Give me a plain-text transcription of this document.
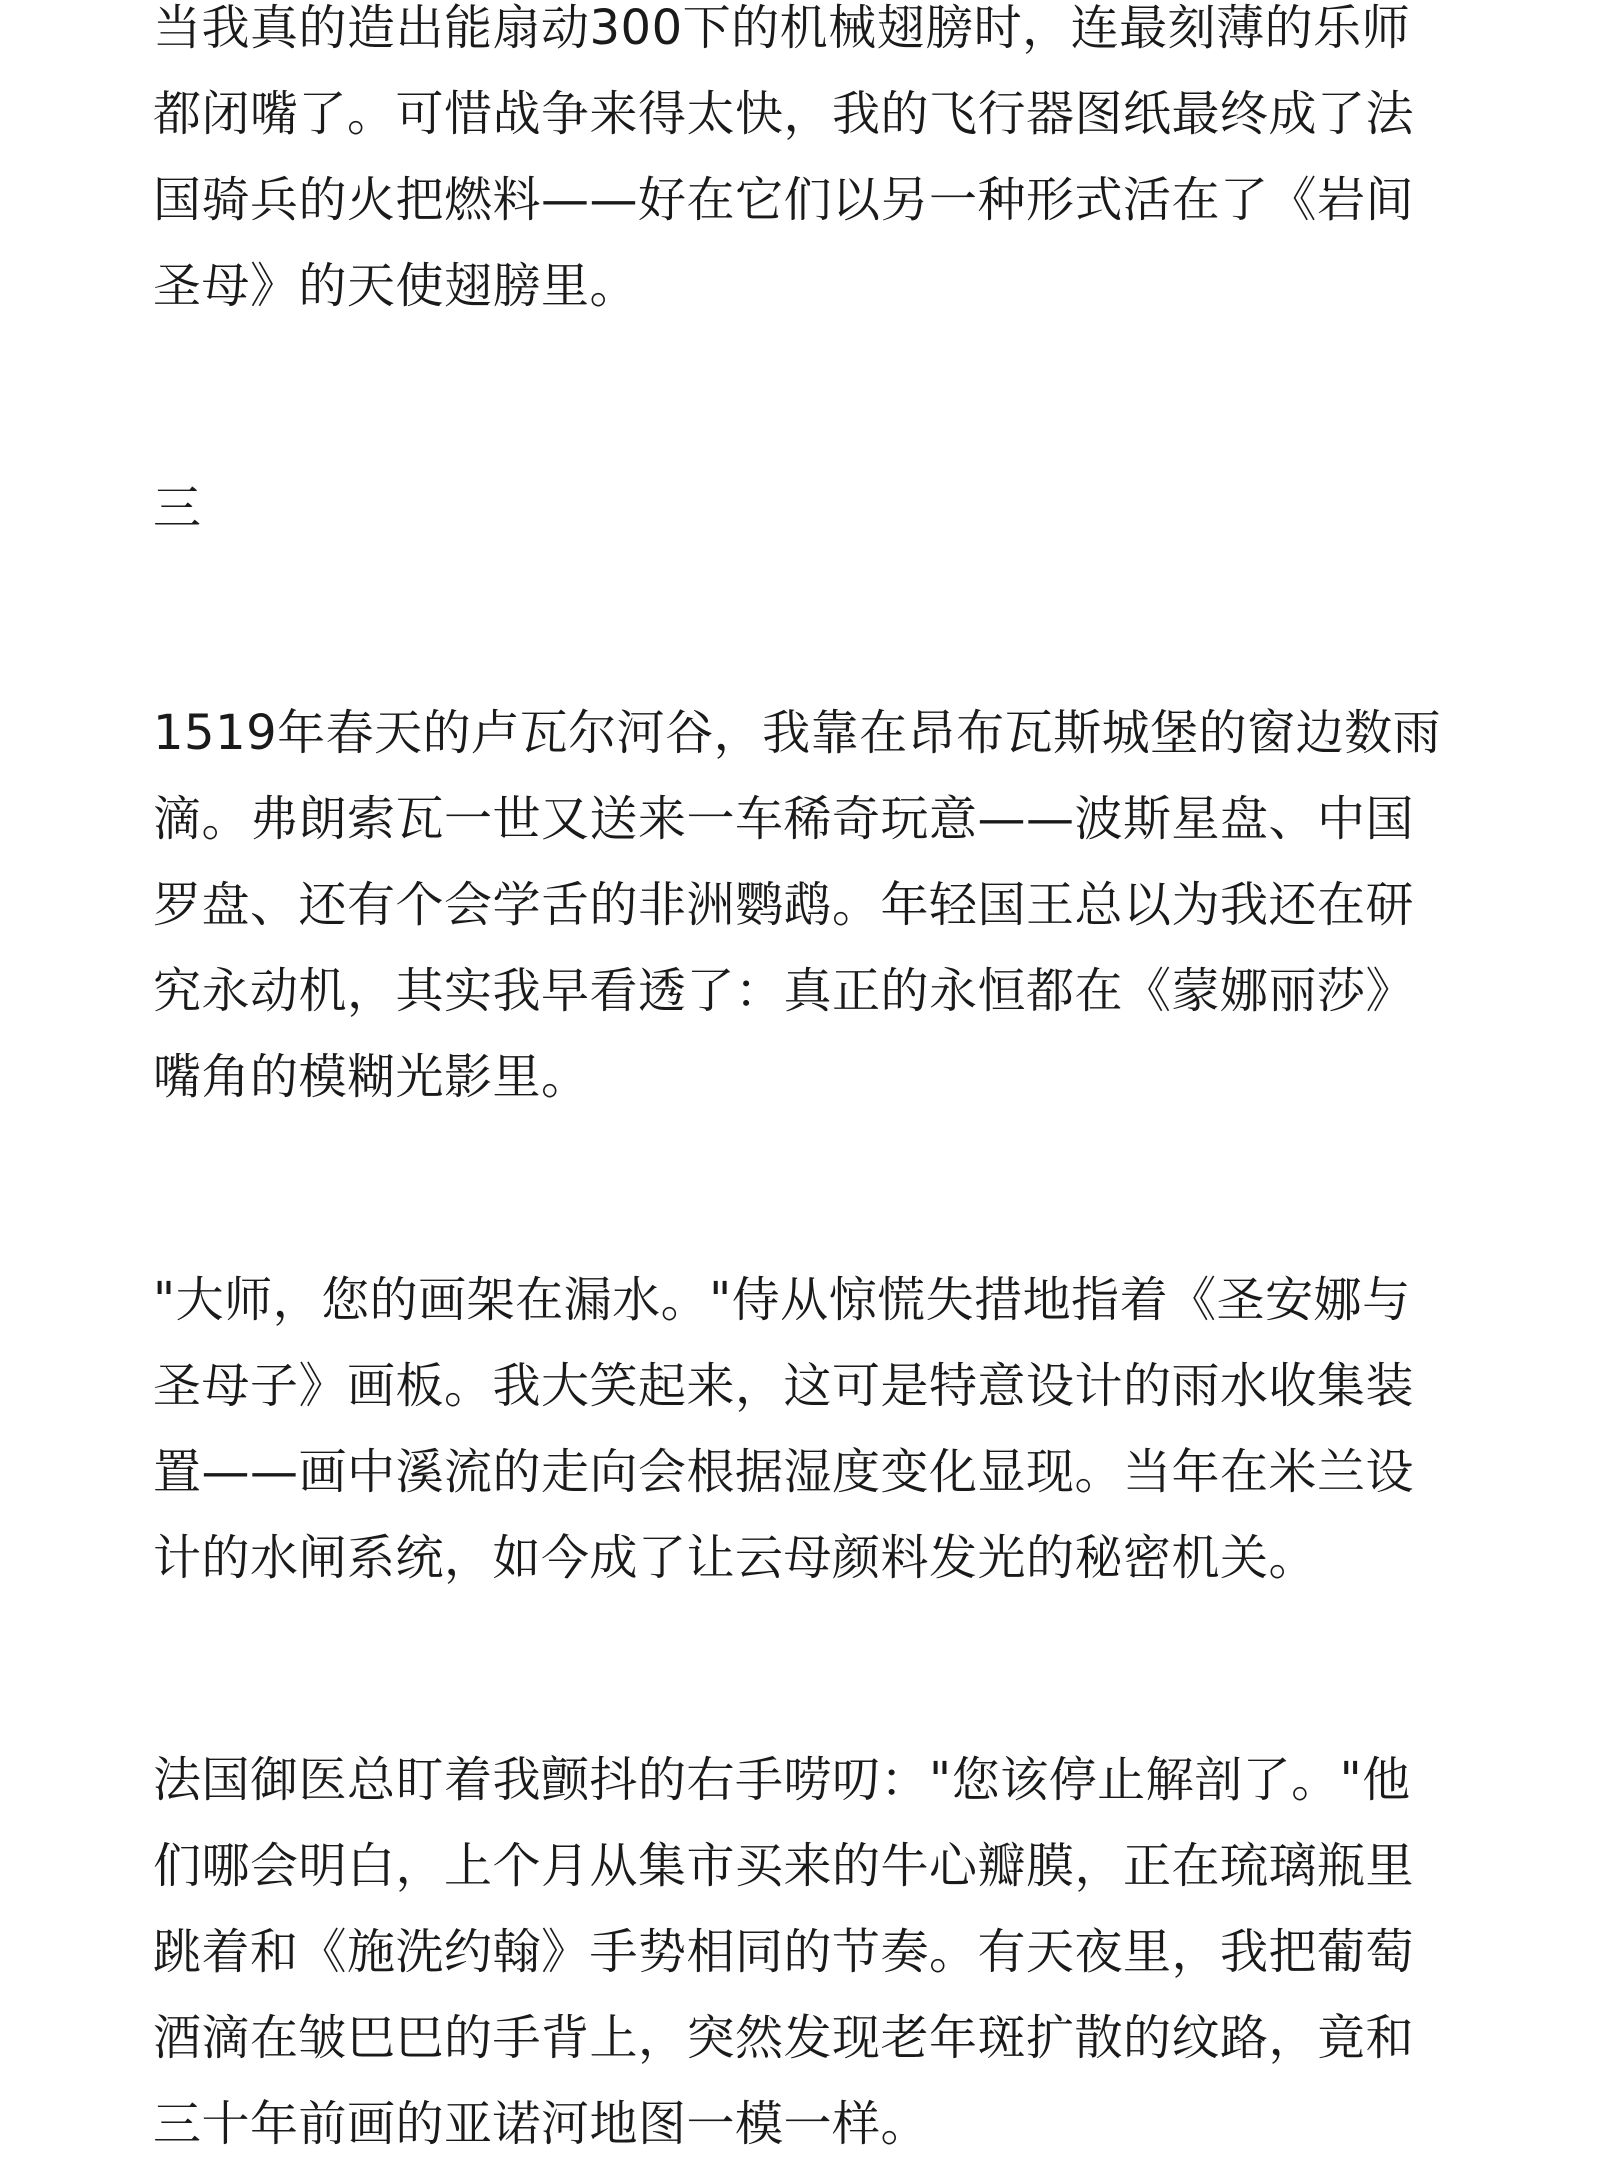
当我真的造出能扇动300下的机械翅膀时，连最刻薄的乐师都闭嘴了。可惜战争来得太快，我的飞行器图纸最终成了法国骑兵的火把燃料——好在它们以另一种形式活在了《岩间圣母》的天使翅膀里。

三

1519年春天的卢瓦尔河谷，我靠在昂布瓦斯城堡的窗边数雨滴。弗朗索瓦一世又送来一车稀奇玩意——波斯星盘、中国罗盘、还有个会学舌的非洲鹦鹉。年轻国王总以为我还在研究永动机，其实我早看透了：真正的永恒都在《蒙娜丽莎》嘴角的模糊光影里。

"大师，您的画架在漏水。"侍从惊慌失措地指着《圣安娜与圣母子》画板。我大笑起来，这可是特意设计的雨水收集装置——画中溪流的走向会根据湿度变化显现。当年在米兰设计的水闸系统，如今成了让云母颜料发光的秘密机关。

法国御医总盯着我颤抖的右手唠叨："您该停止解剖了。"他们哪会明白，上个月从集市买来的牛心瓣膜，正在琉璃瓶里跳着和《施洗约翰》手势相同的节奏。有天夜里，我把葡萄酒滴在皱巴巴的手背上，突然发现老年斑扩散的纹路，竟和三十年前画的亚诺河地图一模一样。
